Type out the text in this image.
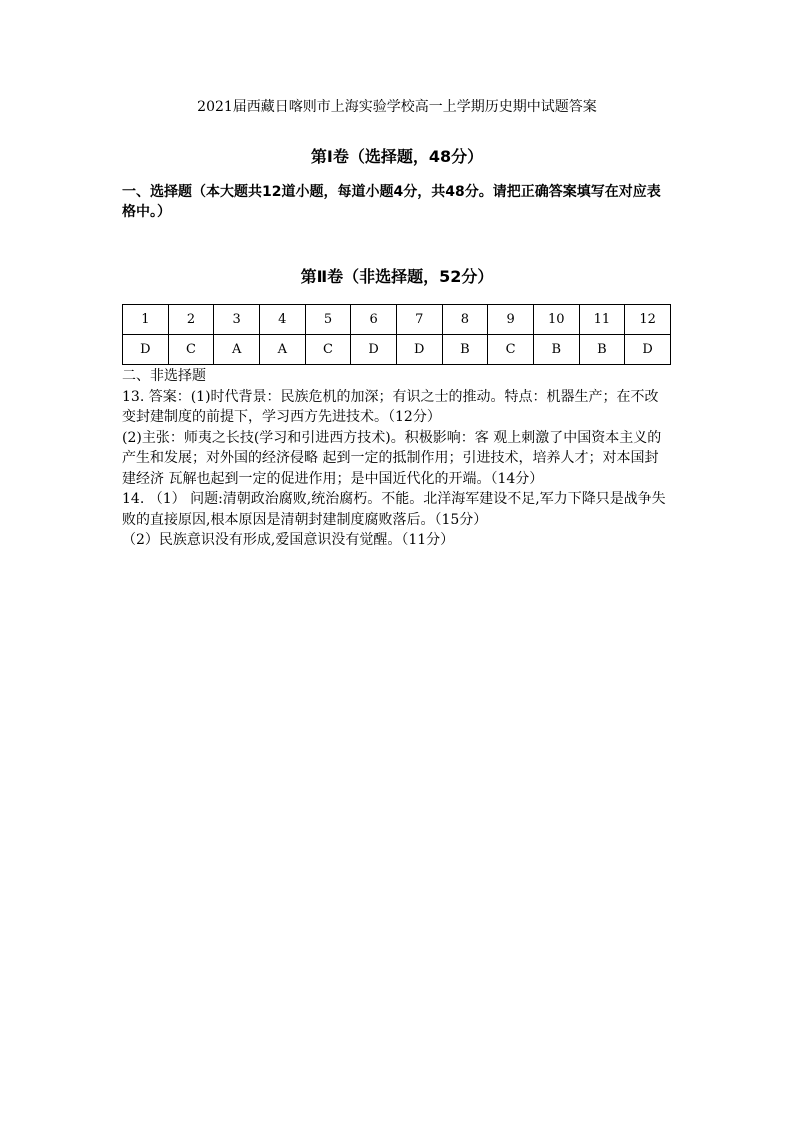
2021届西藏日喀则市上海实验学校高一上学期历史期中试题答案
第Ⅰ卷（选择题，48分）
一、选择题（本大题共12道小题，每道小题4分，共48分。请把正确答案填写在对应表格中。）
第Ⅱ卷（非选择题，52分）
1	2	3	4	5	6	7	8	9	10	11	12
D	C	A	A	C	D	D	B	C	B	B	D

二、非选择题

13. 答案：(1)时代背景：民族危机的加深；有识之士的推动。特点：机器生产；在不改变封建制度的前提下，学习西方先进技术。（12分）

(2)主张：师夷之长技(学习和引进西方技术)。积极影响：客 观上刺激了中国资本主义的产生和发展；对外国的经济侵略 起到一定的抵制作用；引进技术，培养人才；对本国封建经济 瓦解也起到一定的促进作用；是中国近代化的开端。（14分）

14. （1） 问题:清朝政治腐败,统治腐朽。不能。北洋海军建设不足,军力下降只是战争失败的直接原因,根本原因是清朝封建制度腐败落后。（15分）

（2）民族意识没有形成,爱国意识没有觉醒。（11分）
